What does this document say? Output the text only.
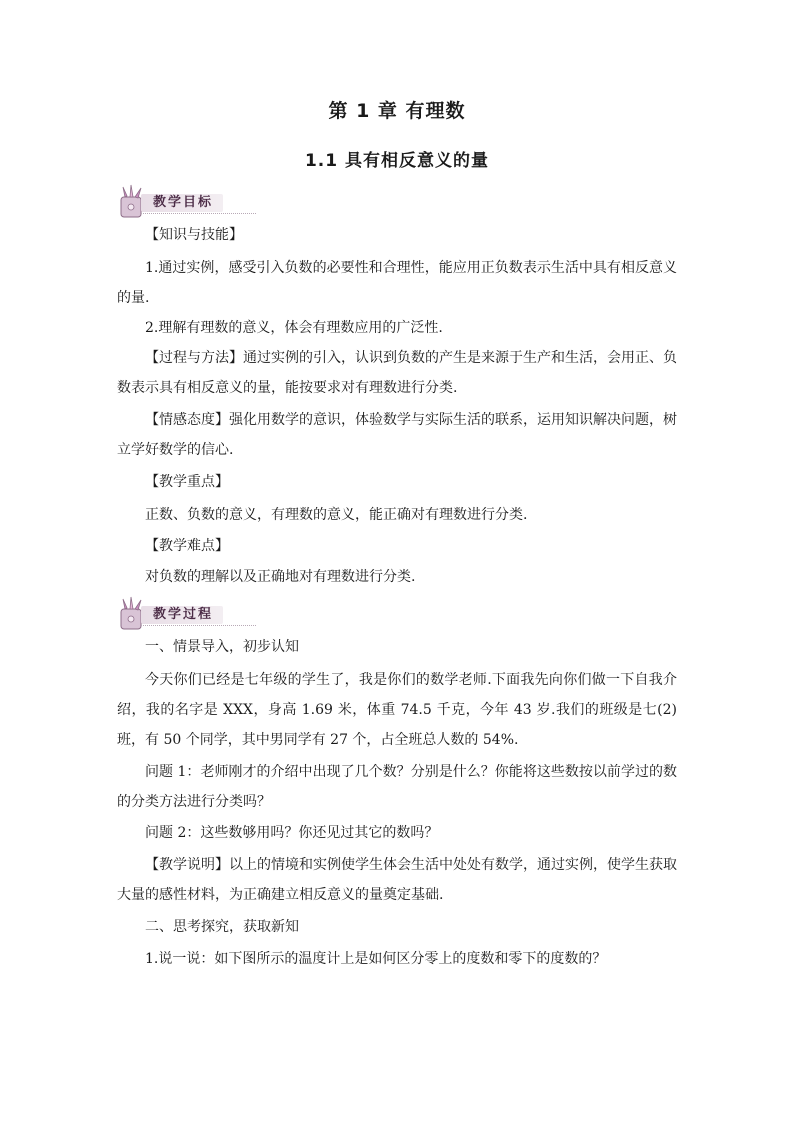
第 1 章 有理数
1.1 具有相反意义的量
教学目标
【知识与技能】
1.通过实例，感受引入负数的必要性和合理性，能应用正负数表示生活中具有相反意义的量.
2.理解有理数的意义，体会有理数应用的广泛性.
【过程与方法】通过实例的引入，认识到负数的产生是来源于生产和生活，会用正、负数表示具有相反意义的量，能按要求对有理数进行分类.
【情感态度】强化用数学的意识，体验数学与实际生活的联系，运用知识解决问题，树立学好数学的信心.
【教学重点】
正数、负数的意义，有理数的意义，能正确对有理数进行分类.
【教学难点】
对负数的理解以及正确地对有理数进行分类.
教学过程
一、情景导入，初步认知
今天你们已经是七年级的学生了，我是你们的数学老师.下面我先向你们做一下自我介绍，我的名字是 XXX，身高 1.69 米，体重 74.5 千克，今年 43 岁.我们的班级是七(2)班，有 50 个同学，其中男同学有 27 个，占全班总人数的 54%.
问题 1：老师刚才的介绍中出现了几个数？分别是什么？你能将这些数按以前学过的数的分类方法进行分类吗？
问题 2：这些数够用吗？你还见过其它的数吗？
【教学说明】以上的情境和实例使学生体会生活中处处有数学，通过实例，使学生获取大量的感性材料，为正确建立相反意义的量奠定基础.
二、思考探究，获取新知
1.说一说：如下图所示的温度计上是如何区分零上的度数和零下的度数的？
